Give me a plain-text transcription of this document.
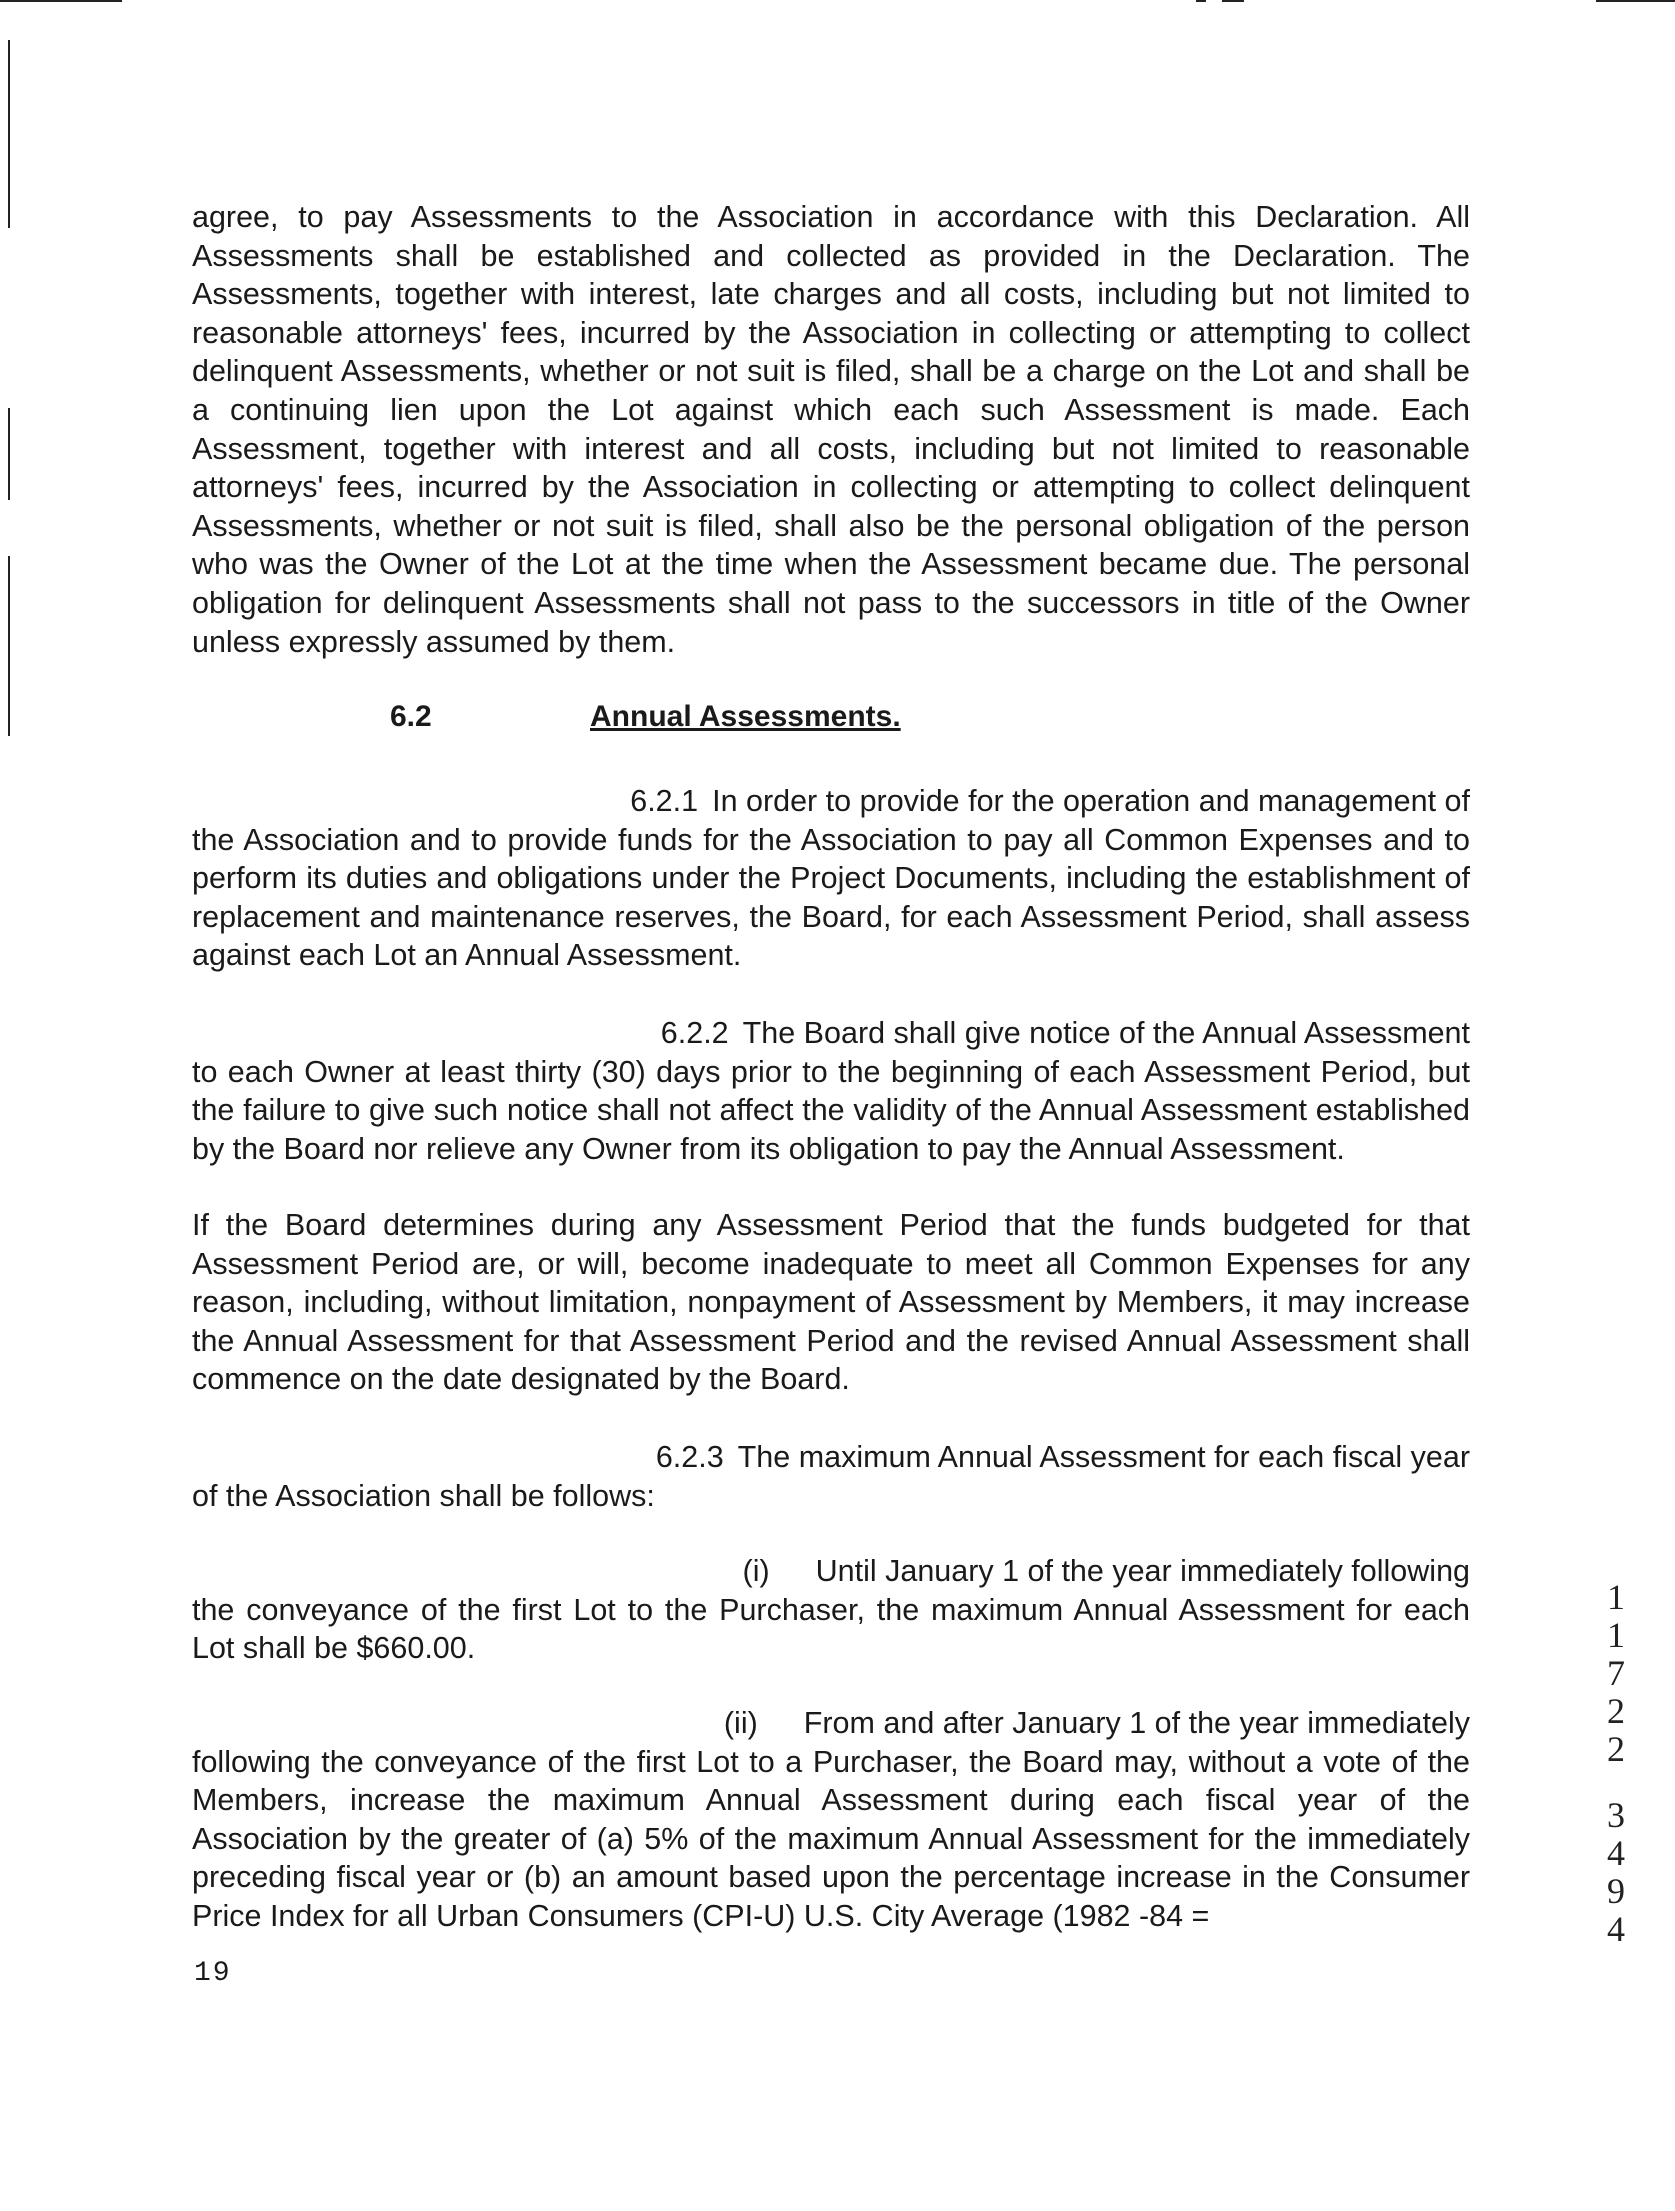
agree, to pay Assessments to the Association in accordance with this Declaration. All Assessments shall be established and collected as provided in the Declaration. The Assessments, together with interest, late charges and all costs, including but not limited to reasonable attorneys' fees, incurred by the Association in collecting or attempting to collect delinquent Assessments, whether or not suit is filed, shall be a charge on the Lot and shall be a continuing lien upon the Lot against which each such Assessment is made. Each Assessment, together with interest and all costs, including but not limited to reasonable attorneys' fees, incurred by the Association in collecting or attempting to collect delinquent Assessments, whether or not suit is filed, shall also be the personal obligation of the person who was the Owner of the Lot at the time when the Assessment became due. The personal obligation for delinquent Assessments shall not pass to the successors in title of the Owner unless expressly assumed by them.

6.2	Annual Assessments.
6.2.1 In order to provide for the operation and management of
the Association and to provide funds for the Association to pay all Common Expenses and to perform its duties and obligations under the Project Documents, including the establishment of replacement and maintenance reserves, the Board, for each Assessment Period, shall assess against each Lot an Annual Assessment.
6.2.2 The Board shall give notice of the Annual Assessment
to each Owner at least thirty (30) days prior to the beginning of each Assessment Period, but the failure to give such notice shall not affect the validity of the Annual Assessment established by the Board nor relieve any Owner from its obligation to pay the Annual Assessment.

If the Board determines during any Assessment Period that the funds budgeted for that Assessment Period are, or will, become inadequate to meet all Common Expenses for any reason, including, without limitation, nonpayment of Assessment by Members, it may increase the Annual Assessment for that Assessment Period and the revised Annual Assessment shall commence on the date designated by the Board.

6.2.3 The maximum Annual Assessment for each fiscal year
of the Association shall be follows:
(i) Until January 1 of the year immediately following
the conveyance of the first Lot to the Purchaser, the maximum Annual Assessment for each Lot shall be $660.00.
(ii) From and after January 1 of the year immediately
following the conveyance of the first Lot to a Purchaser, the Board may, without a vote of the Members, increase the maximum Annual Assessment during each fiscal year of the Association by the greater of (a) 5% of the maximum Annual Assessment for the immediately preceding fiscal year or (b) an amount based upon the percentage increase in the Consumer Price Index for all Urban Consumers (CPI-U) U.S. City Average (1982 -84 =
19
1
1
7
2
2
3
4
9
4
